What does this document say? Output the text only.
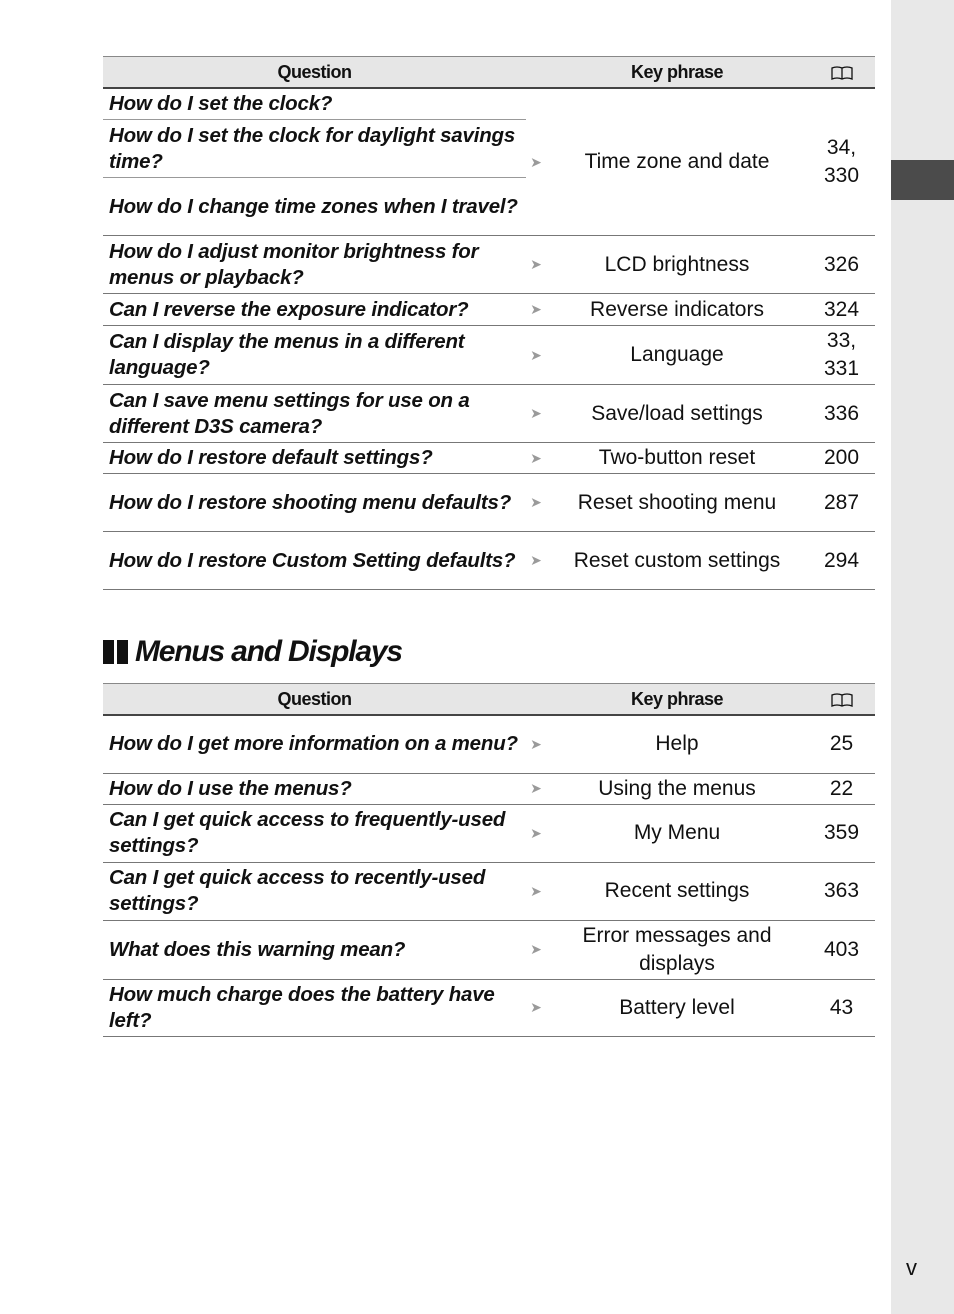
Question		Key phrase	
How do I set the clock?	➤	Time zone and date	34,
330

How do I set the clock for daylight savings time?			
How do I change time zones when I travel?			
How do I adjust monitor brightness for menus or playback?	➤	LCD brightness	326
Can I reverse the exposure indicator?	➤	Reverse indicators	324
Can I display the menus in a different language?	➤	Language	33,
331

Can I save menu settings for use on a different D3S camera?	➤	Save/load settings	336
How do I restore default settings?	➤	Two-button reset	200
How do I restore shooting menu defaults?	➤	Reset shooting menu	287
How do I restore Custom Setting defaults?	➤	Reset custom settings	294
Menus and Displays
Question		Key phrase	
How do I get more information on a menu?	➤	Help	25
How do I use the menus?	➤	Using the menus	22
Can I get quick access to frequently-used settings?	➤	My Menu	359
Can I get quick access to recently-used settings?	➤	Recent settings	363
What does this warning mean?	➤	Error messages and
displays	403
How much charge does the battery have left?	➤	Battery level	43
v
